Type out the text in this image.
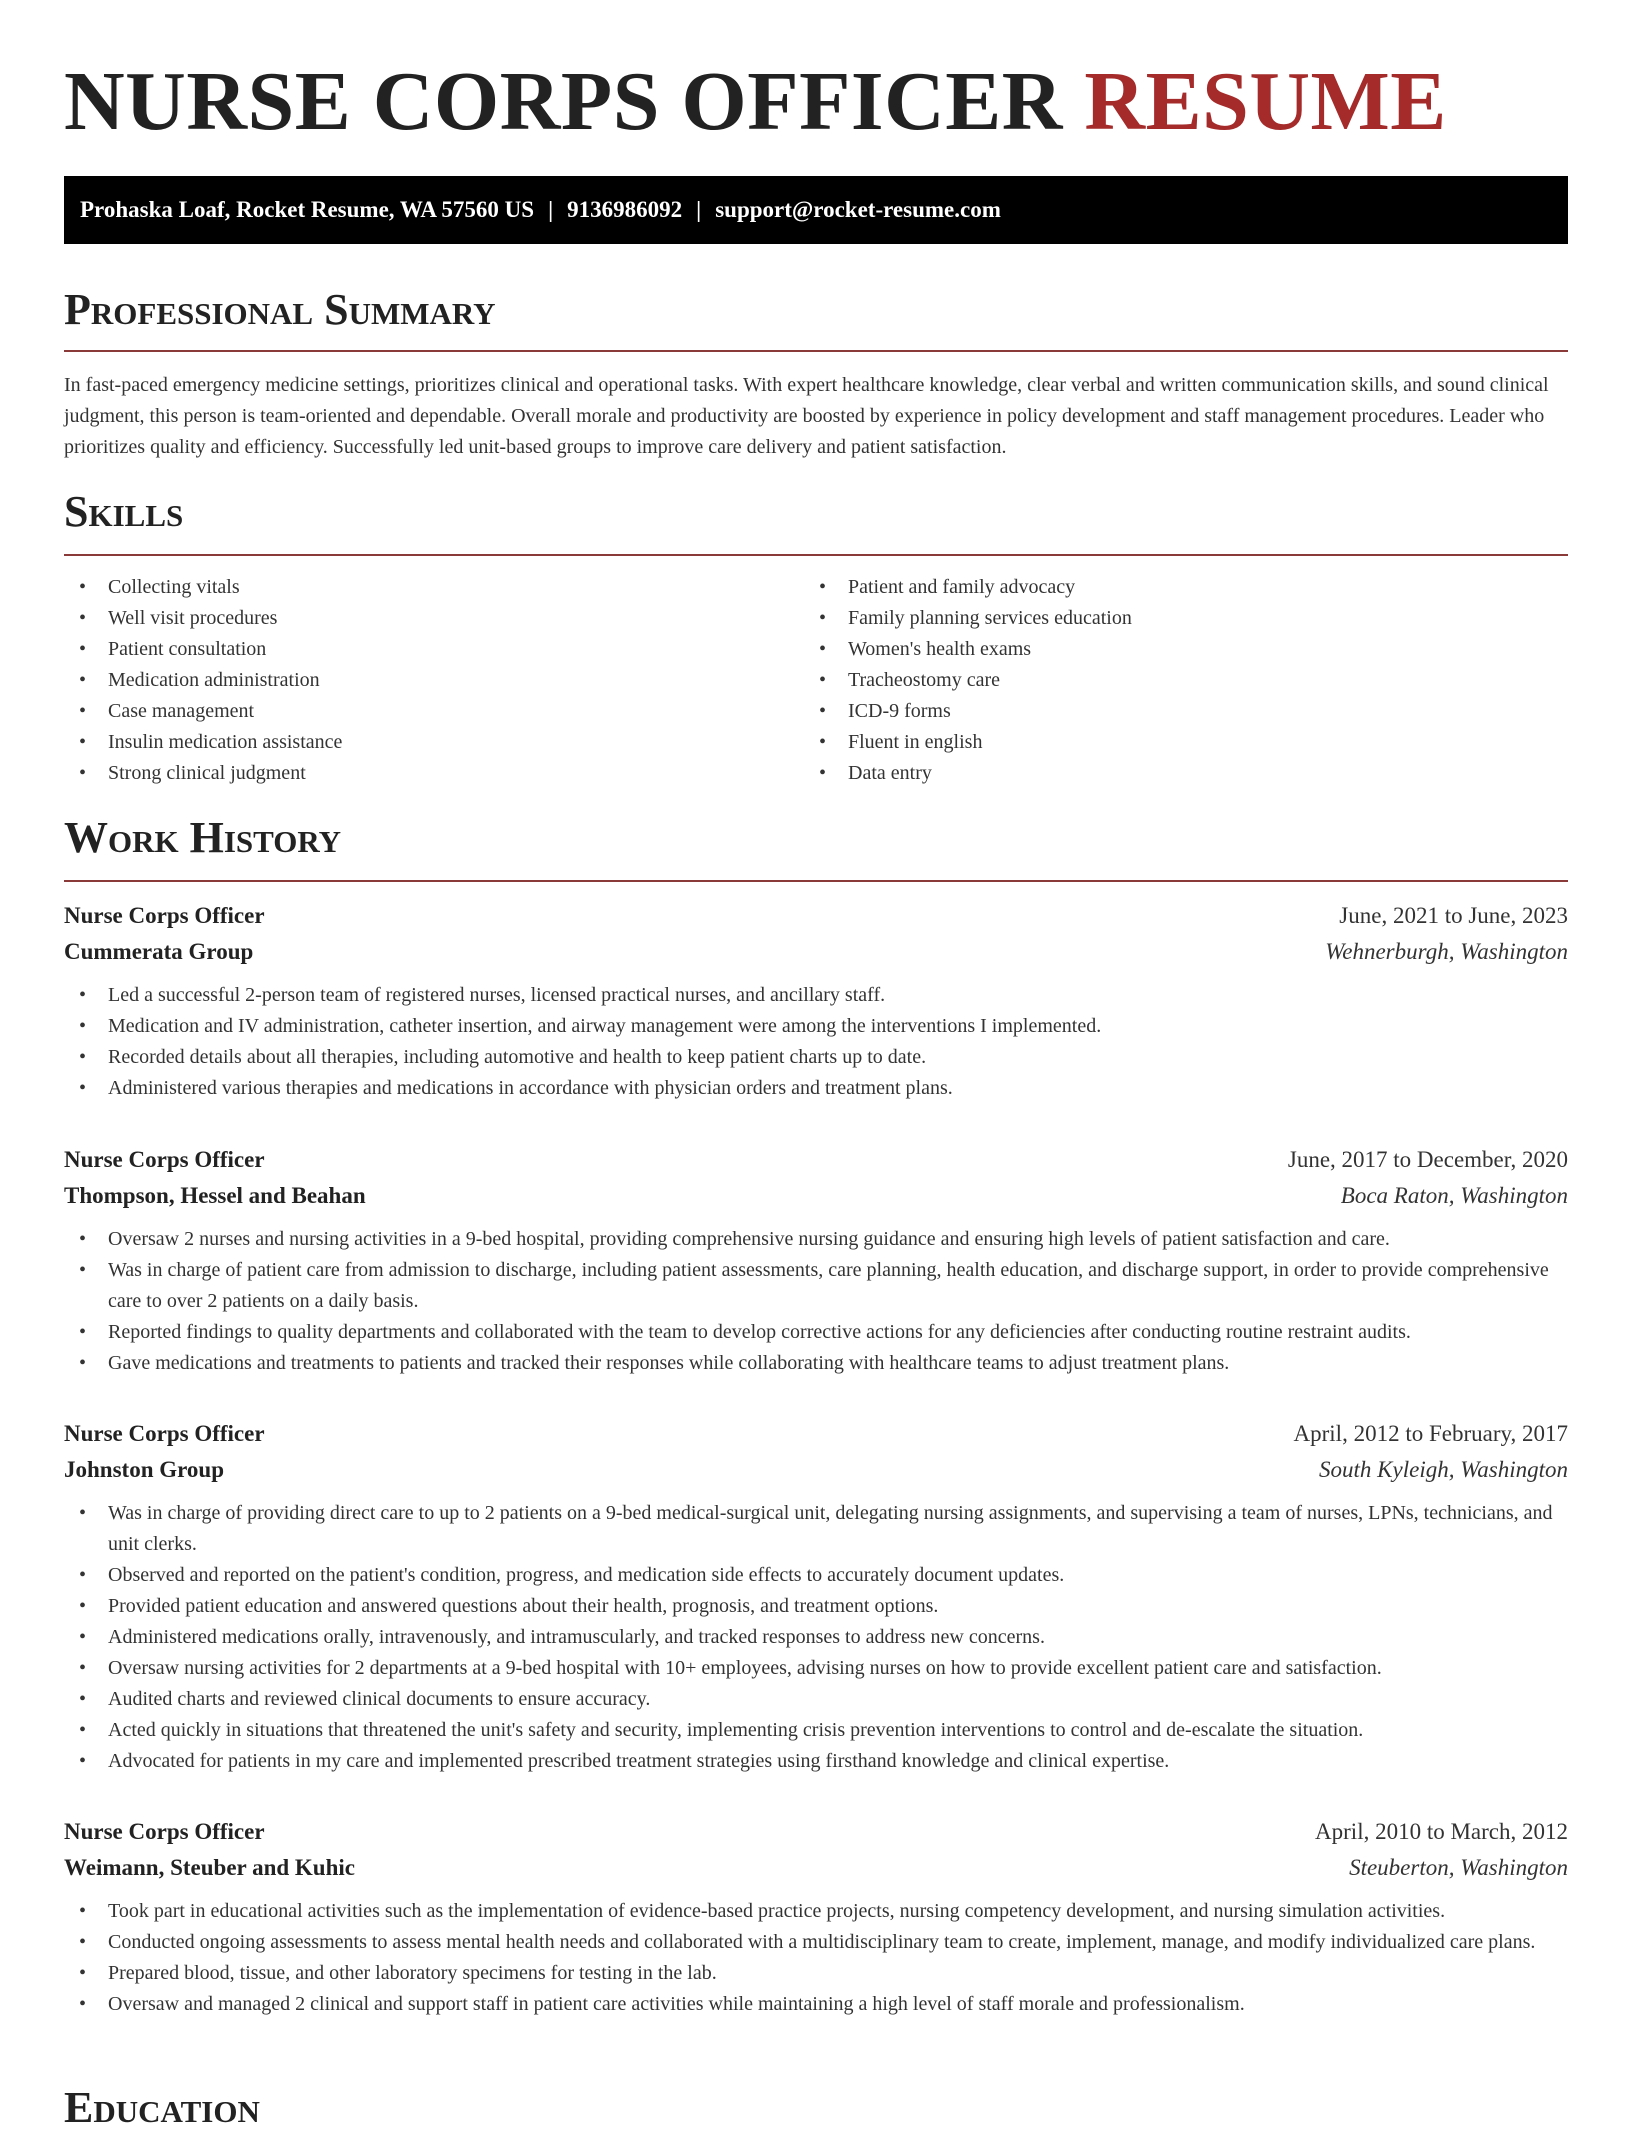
NURSE CORPS OFFICER RESUME
Prohaska Loaf, Rocket Resume, WA 57560 US | 9136986092 | support@rocket-resume.com
Professional Summary

In fast-paced emergency medicine settings, prioritizes clinical and operational tasks. With expert healthcare knowledge, clear verbal and written communication skills, and sound clinical judgment, this person is team-oriented and dependable. Overall morale and productivity are boosted by experience in policy development and staff management procedures. Leader who prioritizes quality and efficiency. Successfully led unit-based groups to improve care delivery and patient satisfaction.

Skills
• Collecting vitals
• Well visit procedures
• Patient consultation
• Medication administration
• Case management
• Insulin medication assistance
• Strong clinical judgment
• Patient and family advocacy
• Family planning services education
• Women's health exams
• Tracheostomy care
• ICD-9 forms
• Fluent in english
• Data entry
Work History
Nurse Corps Officer	June, 2021 to June, 2023
Cummerata Group	Wehnerburgh, Washington
• Led a successful 2-person team of registered nurses, licensed practical nurses, and ancillary staff.
• Medication and IV administration, catheter insertion, and airway management were among the interventions I implemented.
• Recorded details about all therapies, including automotive and health to keep patient charts up to date.
• Administered various therapies and medications in accordance with physician orders and treatment plans.
Nurse Corps Officer	June, 2017 to December, 2020
Thompson, Hessel and Beahan	Boca Raton, Washington
• Oversaw 2 nurses and nursing activities in a 9-bed hospital, providing comprehensive nursing guidance and ensuring high levels of patient satisfaction and care.
• Was in charge of patient care from admission to discharge, including patient assessments, care planning, health education, and discharge support, in order to provide comprehensive care to over 2 patients on a daily basis.
• Reported findings to quality departments and collaborated with the team to develop corrective actions for any deficiencies after conducting routine restraint audits.
• Gave medications and treatments to patients and tracked their responses while collaborating with healthcare teams to adjust treatment plans.
Nurse Corps Officer	April, 2012 to February, 2017
Johnston Group	South Kyleigh, Washington
• Was in charge of providing direct care to up to 2 patients on a 9-bed medical-surgical unit, delegating nursing assignments, and supervising a team of nurses, LPNs, technicians, and unit clerks.
• Observed and reported on the patient's condition, progress, and medication side effects to accurately document updates.
• Provided patient education and answered questions about their health, prognosis, and treatment options.
• Administered medications orally, intravenously, and intramuscularly, and tracked responses to address new concerns.
• Oversaw nursing activities for 2 departments at a 9-bed hospital with 10+ employees, advising nurses on how to provide excellent patient care and satisfaction.
• Audited charts and reviewed clinical documents to ensure accuracy.
• Acted quickly in situations that threatened the unit's safety and security, implementing crisis prevention interventions to control and de-escalate the situation.
• Advocated for patients in my care and implemented prescribed treatment strategies using firsthand knowledge and clinical expertise.
Nurse Corps Officer	April, 2010 to March, 2012
Weimann, Steuber and Kuhic	Steuberton, Washington
• Took part in educational activities such as the implementation of evidence-based practice projects, nursing competency development, and nursing simulation activities.
• Conducted ongoing assessments to assess mental health needs and collaborated with a multidisciplinary team to create, implement, manage, and modify individualized care plans.
• Prepared blood, tissue, and other laboratory specimens for testing in the lab.
• Oversaw and managed 2 clinical and support staff in patient care activities while maintaining a high level of staff morale and professionalism.
Education
